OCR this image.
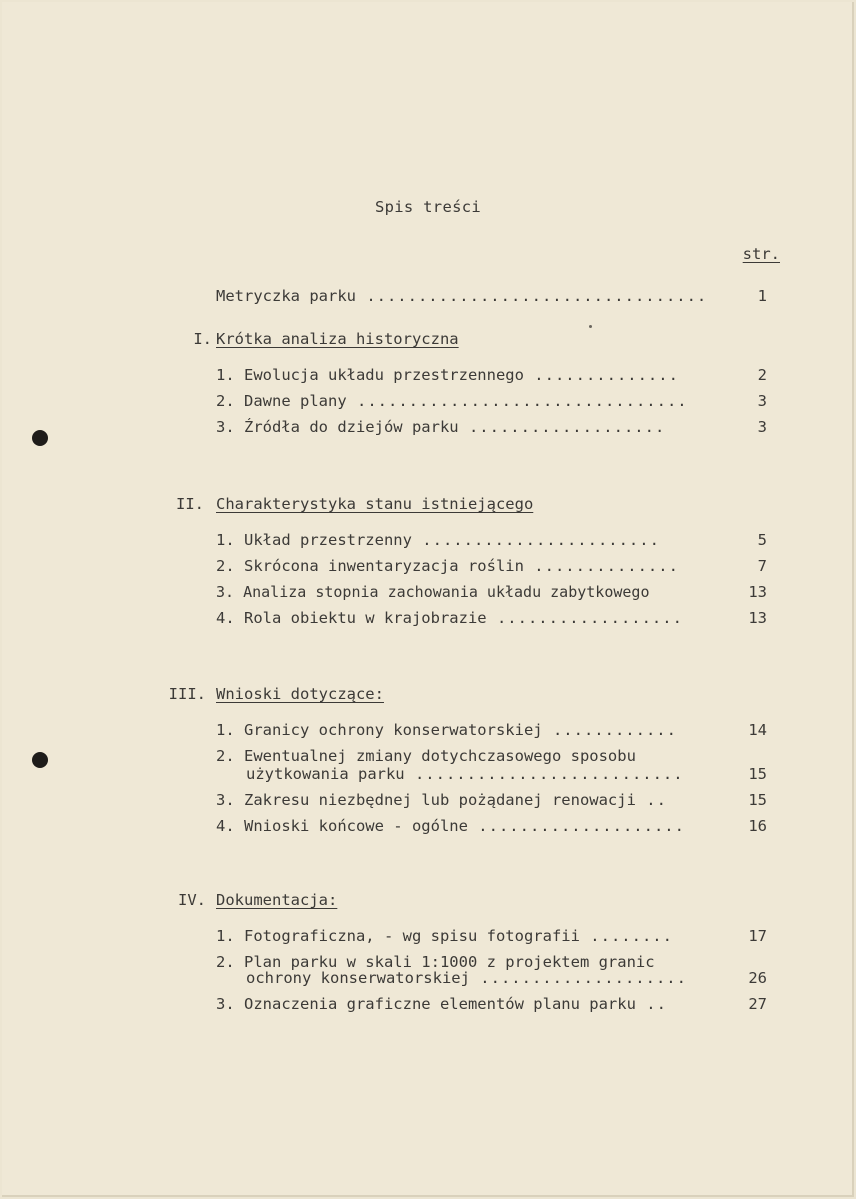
Spis treści
str.
Metryczka parku .................................	1
I. Krótka analiza historyczna
1. Ewolucja układu przestrzennego ..............	2
2. Dawne plany ................................	3
3. Źródła do dziejów parku ...................	3
II. Charakterystyka stanu istniejącego
1. Układ przestrzenny .......................	5
2. Skrócona inwentaryzacja roślin ..............	7
3. Analiza stopnia zachowania układu zabytkowego	13
4. Rola obiektu w krajobrazie ..................	13
III. Wnioski dotyczące:
1. Granicy ochrony konserwatorskiej ............	14
2. Ewentualnej zmiany dotychczasowego sposobu
użytkowania parku ..........................	15
3. Zakresu niezbędnej lub pożądanej renowacji ..	15
4. Wnioski końcowe - ogólne ....................	16
IV. Dokumentacja:
1. Fotograficzna, - wg spisu fotografii ........	17
2. Plan parku w skali 1:1000 z projektem granic
ochrony konserwatorskiej ....................	26
3. Oznaczenia graficzne elementów planu parku ..	27
